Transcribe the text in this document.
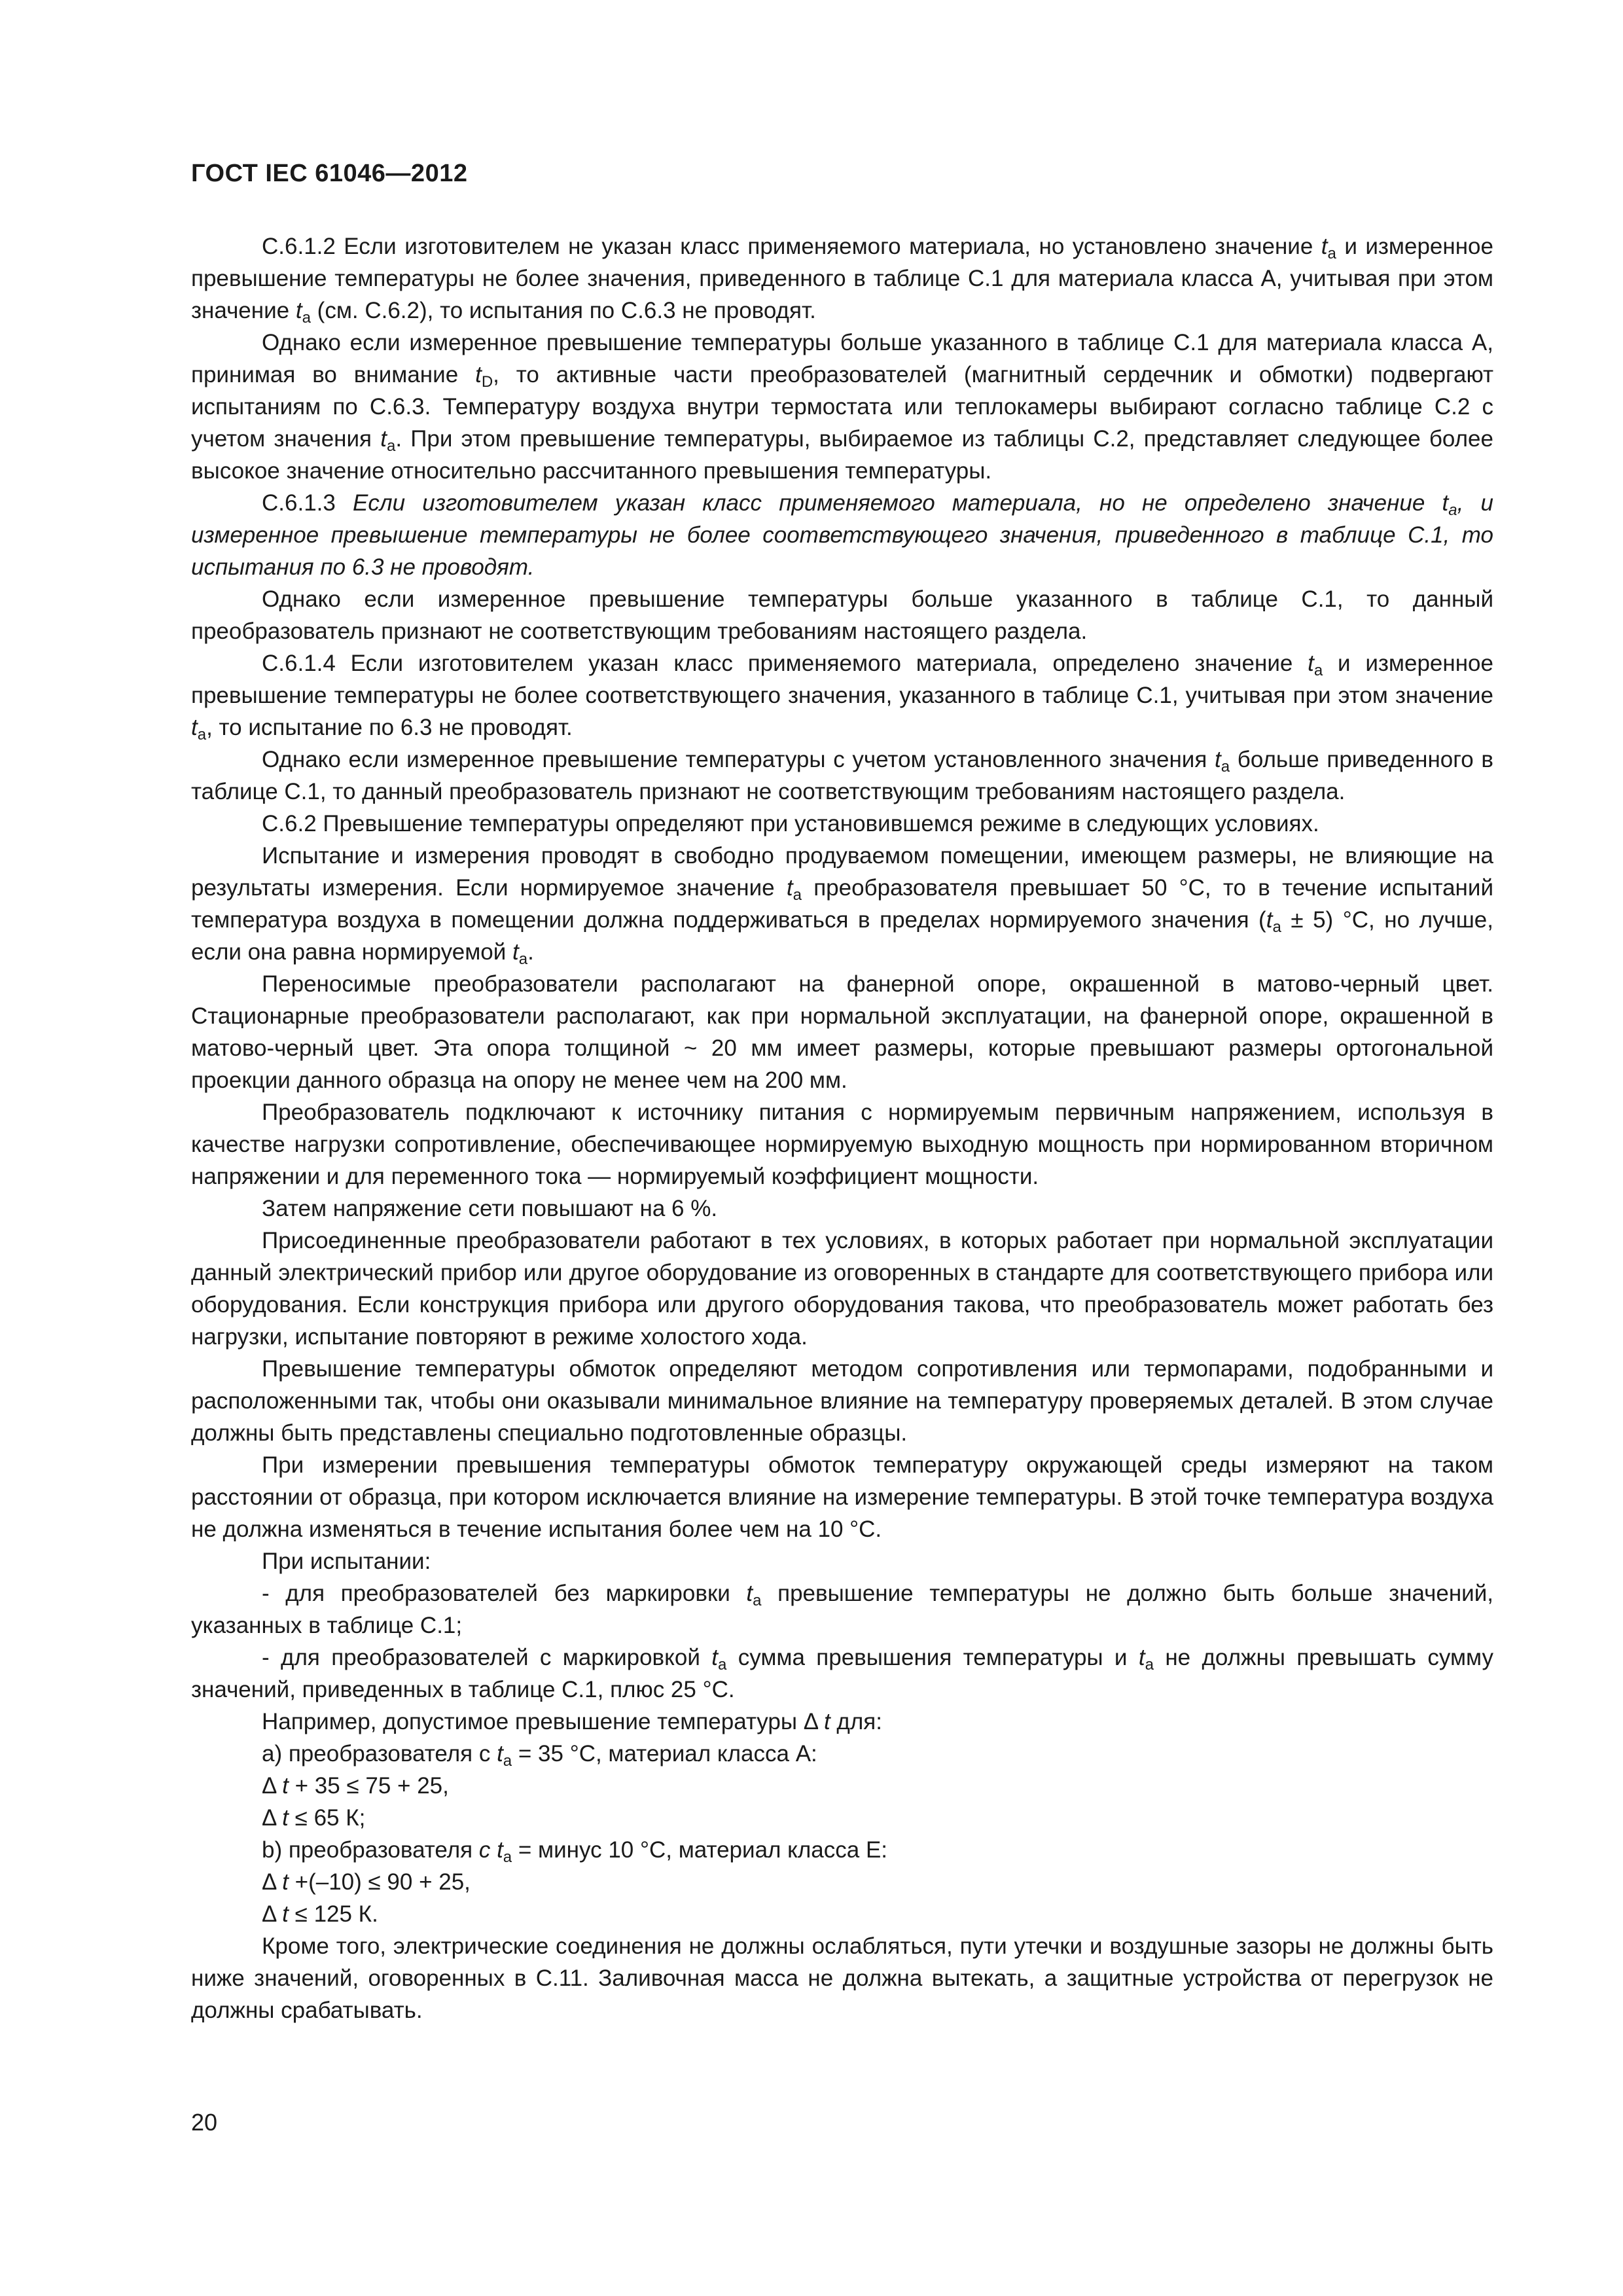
ГОСТ IEC 61046—2012

С.6.1.2 Если изготовителем не указан класс применяемого материала, но установлено значение $t_a$ и измеренное превышение температуры не более значения, приведенного в таблице С.1 для материала класса А, учитывая при этом значение $t_a$ (см. С.6.2), то испытания по С.6.3 не проводят.

Однако если измеренное превышение температуры больше указанного в таблице С.1 для материала класса А, принимая во внимание $t_D$, то активные части преобразователей (магнитный сердечник и обмотки) подвергают испытаниям по С.6.3. Температуру воздуха внутри термостата или теплокамеры выбирают согласно таблице С.2 с учетом значения $t_a$. При этом превышение температуры, выбираемое из таблицы С.2, представляет следующее более высокое значение относительно рассчитанного превышения температуры.

С.6.1.3 Если изготовителем указан класс применяемого материала, но не определено значение $t_a$, и измеренное превышение температуры не более соответствующего значения, приведенного в таблице С.1, то испытания по 6.3 не проводят.

Однако если измеренное превышение температуры больше указанного в таблице С.1, то данный преобразователь признают не соответствующим требованиям настоящего раздела.

С.6.1.4 Если изготовителем указан класс применяемого материала, определено значение $t_a$ и измеренное превышение температуры не более соответствующего значения, указанного в таблице С.1, учитывая при этом значение $t_a$, то испытание по 6.3 не проводят.

Однако если измеренное превышение температуры с учетом установленного значения $t_a$ больше приведенного в таблице С.1, то данный преобразователь признают не соответствующим требованиям настоящего раздела.

С.6.2 Превышение температуры определяют при установившемся режиме в следующих условиях.

Испытание и измерения проводят в свободно продуваемом помещении, имеющем размеры, не влияющие на результаты измерения. Если нормируемое значение $t_a$ преобразователя превышает 50 °С, то в течение испытаний температура воздуха в помещении должна поддерживаться в пределах нормируемого значения $(t_a \pm 5)$ °С, но лучше, если она равна нормируемой $t_a$.

Переносимые преобразователи располагают на фанерной опоре, окрашенной в матово-черный цвет. Стационарные преобразователи располагают, как при нормальной эксплуатации, на фанерной опоре, окрашенной в матово-черный цвет. Эта опора толщиной ~ 20 мм имеет размеры, которые превышают размеры ортогональной проекции данного образца на опору не менее чем на 200 мм.

Преобразователь подключают к источнику питания с нормируемым первичным напряжением, используя в качестве нагрузки сопротивление, обеспечивающее нормируемую выходную мощность при нормированном вторичном напряжении и для переменного тока — нормируемый коэффициент мощности.

Затем напряжение сети повышают на 6 %.

Присоединенные преобразователи работают в тех условиях, в которых работает при нормальной эксплуатации данный электрический прибор или другое оборудование из оговоренных в стандарте для соответствующего прибора или оборудования. Если конструкция прибора или другого оборудования такова, что преобразователь может работать без нагрузки, испытание повторяют в режиме холостого хода.

Превышение температуры обмоток определяют методом сопротивления или термопарами, подобранными и расположенными так, чтобы они оказывали минимальное влияние на температуру проверяемых деталей. В этом случае должны быть представлены специально подготовленные образцы.

При измерении превышения температуры обмоток температуру окружающей среды измеряют на таком расстоянии от образца, при котором исключается влияние на измерение температуры. В этой точке температура воздуха не должна изменяться в течение испытания более чем на 10 °С.

При испытании:

- для преобразователей без маркировки $t_a$ превышение температуры не должно быть больше значений, указанных в таблице С.1;

- для преобразователей с маркировкой $t_a$ сумма превышения температуры и $t_a$ не должны превышать сумму значений, приведенных в таблице С.1, плюс 25 °С.

Например, допустимое превышение температуры Δ t для:

a) преобразователя с $t_a = 35$ °С, материал класса А:

Δ t + 35 ≤ 75 + 25,

Δ t ≤ 65 К;

b) преобразователя с $t_a$ = минус 10 °С, материал класса Е:

Δ t +(–10) ≤ 90 + 25,

Δ t ≤ 125 К.

Кроме того, электрические соединения не должны ослабляться, пути утечки и воздушные зазоры не должны быть ниже значений, оговоренных в С.11. Заливочная масса не должна вытекать, а защитные устройства от перегрузок не должны срабатывать.

20
